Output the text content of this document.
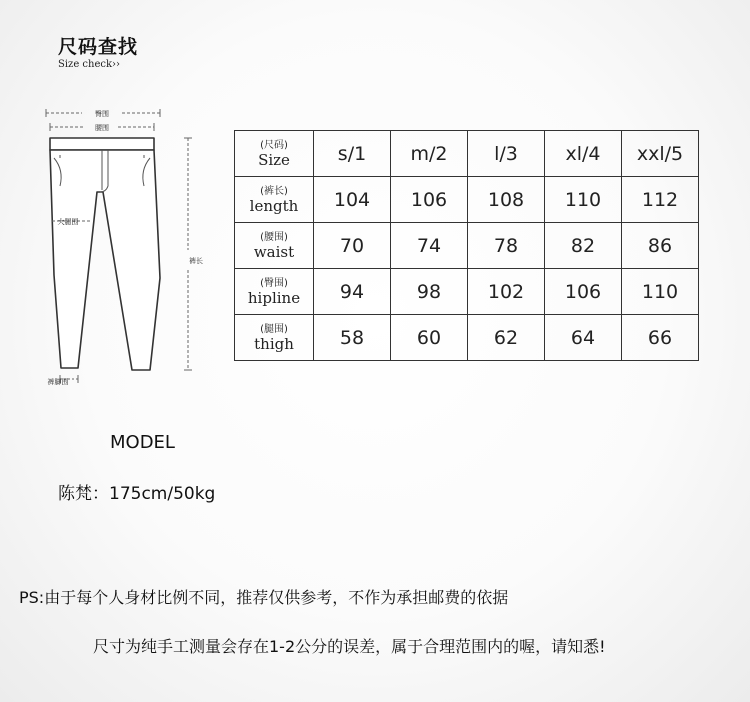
尺码查找
Size check››
臀围
腰围
大腿围
裤长
裤脚围
(尺码)
Size	s/1	m/2	l/3	xl/4	xxl/5

(裤长)
length	104	106	108	110	112

(腰围)
waist	70	74	78	82	86

(臀围)
hipline	94	98	102	106	110

(腿围)
thigh	58	60	62	64	66
MODEL
陈梵：175cm/50kg
PS:由于每个人身材比例不同，推荐仅供参考，不作为承担邮费的依据
尺寸为纯手工测量会存在1-2公分的误差，属于合理范围内的喔，请知悉!
